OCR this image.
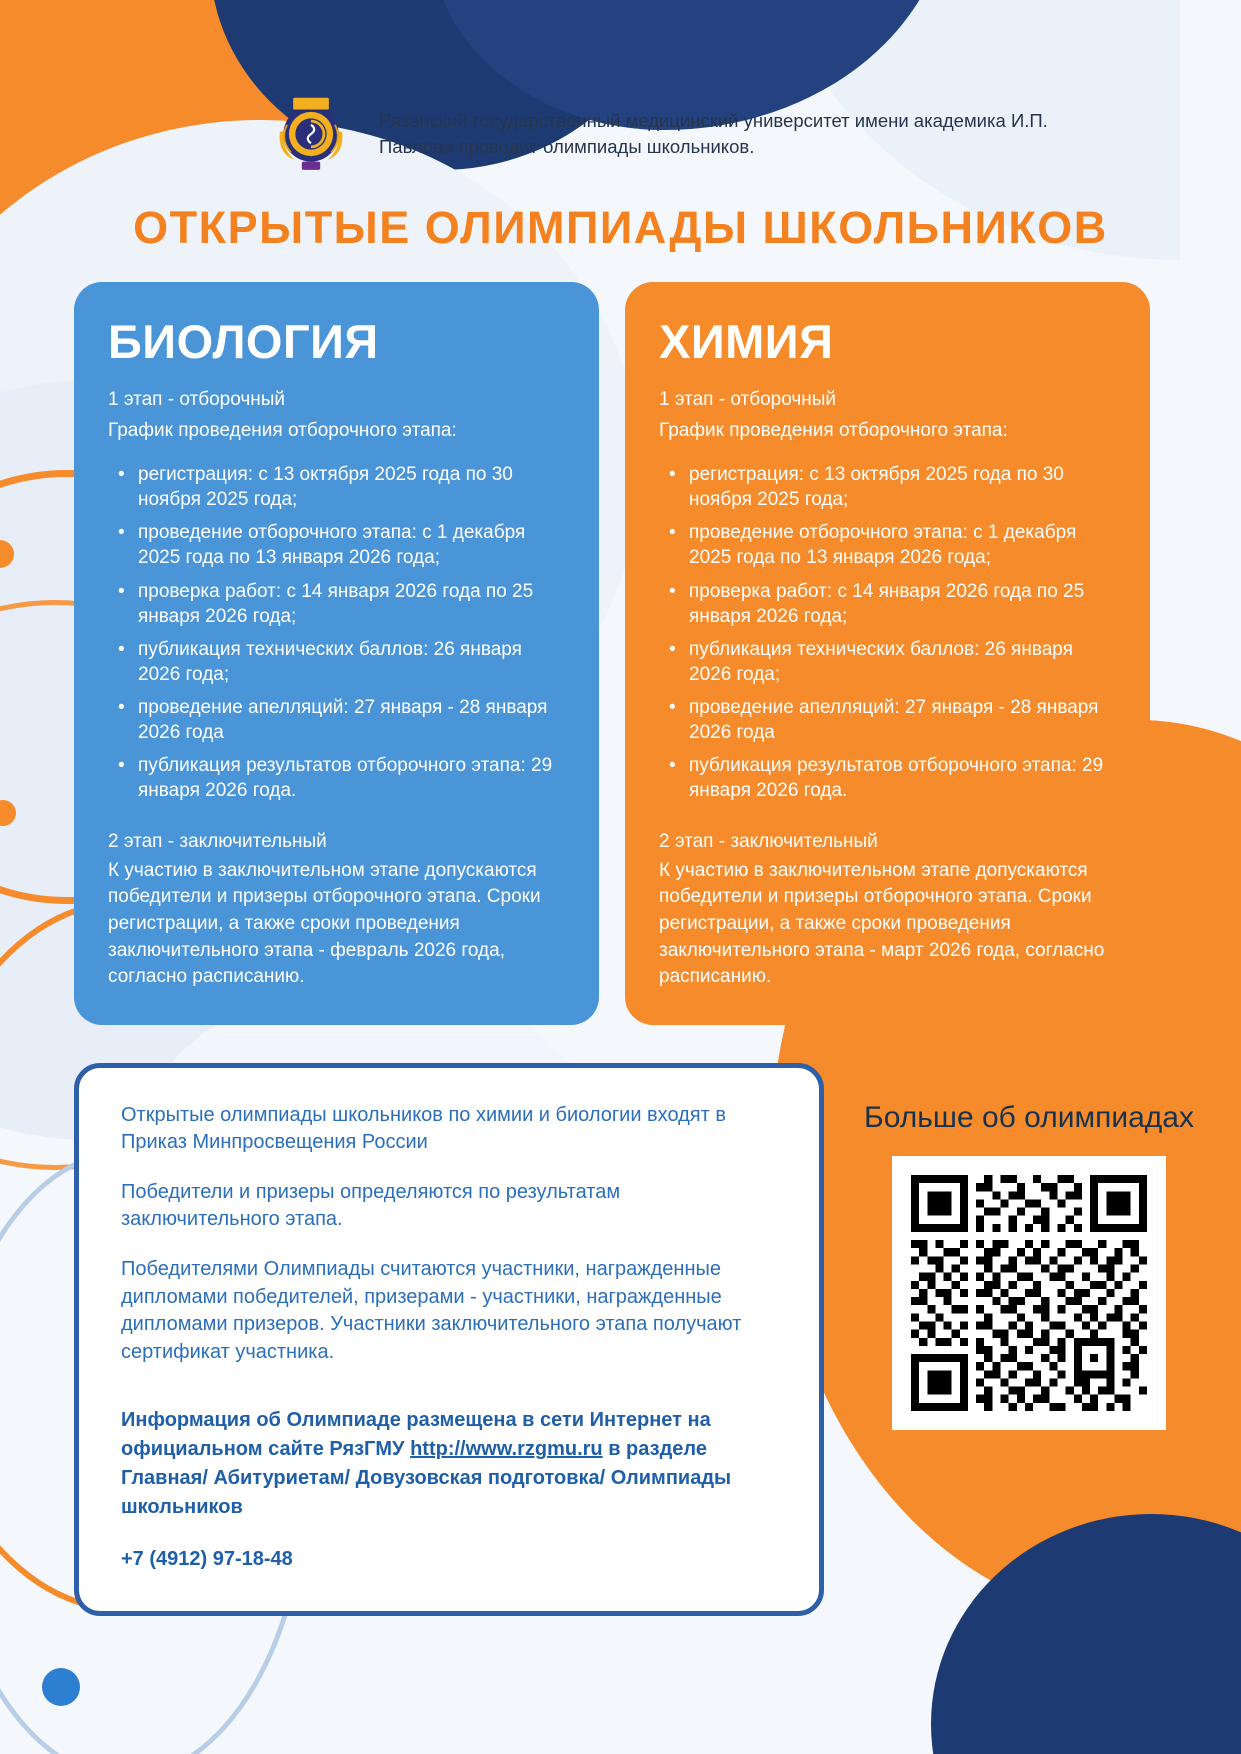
Рязанский государственный медицинский университет имени академика И.П. Павлова проводит олимпиады школьников.
ОТКРЫТЫЕ ОЛИМПИАДЫ ШКОЛЬНИКОВ
БИОЛОГИЯ
1 этап - отборочный
График проведения отборочного этапа:
• регистрация: с 13 октября 2025 года по 30 ноября 2025 года;
• проведение отборочного этапа: с 1 декабря 2025 года по 13 января 2026 года;
• проверка работ: с 14 января 2026 года по 25 января 2026 года;
• публикация технических баллов: 26 января 2026 года;
• проведение апелляций: 27 января - 28 января 2026 года
• публикация результатов отборочного этапа: 29 января 2026 года.
2 этап - заключительный
К участию в заключительном этапе допускаются победители и призеры отборочного этапа. Сроки регистрации, а также сроки проведения заключительного этапа - февраль 2026 года, согласно расписанию.
ХИМИЯ
1 этап - отборочный
График проведения отборочного этапа:
• регистрация: с 13 октября 2025 года по 30 ноября 2025 года;
• проведение отборочного этапа: с 1 декабря 2025 года по 13 января 2026 года;
• проверка работ: с 14 января 2026 года по 25 января 2026 года;
• публикация технических баллов: 26 января 2026 года;
• проведение апелляций: 27 января - 28 января 2026 года
• публикация результатов отборочного этапа: 29 января 2026 года.
2 этап - заключительный
К участию в заключительном этапе допускаются победители и призеры отборочного этапа. Сроки регистрации, а также сроки проведения заключительного этапа - март 2026 года, согласно расписанию.

Открытые олимпиады школьников по химии и биологии входят в Приказ Минпросвещения России

Победители и призеры определяются по результатам заключительного этапа.

Победителями Олимпиады считаются участники, награжденные дипломами победителей, призерами - участники, награжденные дипломами призеров. Участники заключительного этапа получают сертификат участника.

Информация об Олимпиаде размещена в сети Интернет на официальном сайте РязГМУ http://www.rzgmu.ru в разделе Главная/ Абитуриетам/ Довузовская подготовка/ Олимпиады школьников
+7 (4912) 97-18-48
Больше об олимпиадах
